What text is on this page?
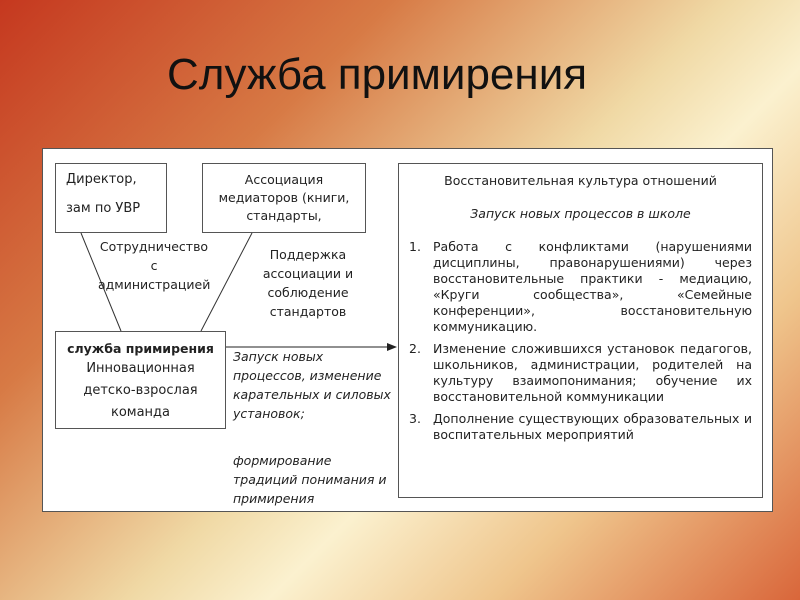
Служба примирения
Директор,
зам по УВР
Ассоциация медиаторов (книги, стандарты,
Сотрудничество с администрацией
Поддержка ассоциации и соблюдение стандартов
служба примирения
Инновационная детско-взрослая команда
Запуск новых процессов, изменение карательных и силовых установок;
формирование традиций понимания и примирения
Восстановительная культура отношений
Запуск новых процессов в школе
1. Работа с конфликтами (нарушениями дисциплины, правонарушениями) через восстановительные практики - медиацию, «Круги сообщества», «Семейные конференции», восстановительную коммуникацию.
2. Изменение сложившихся установок педагогов, школьников, администрации, родителей на культуру взаимопонимания; обучение их восстановительной коммуникации
3. Дополнение существующих образовательных и воспитательных мероприятий
